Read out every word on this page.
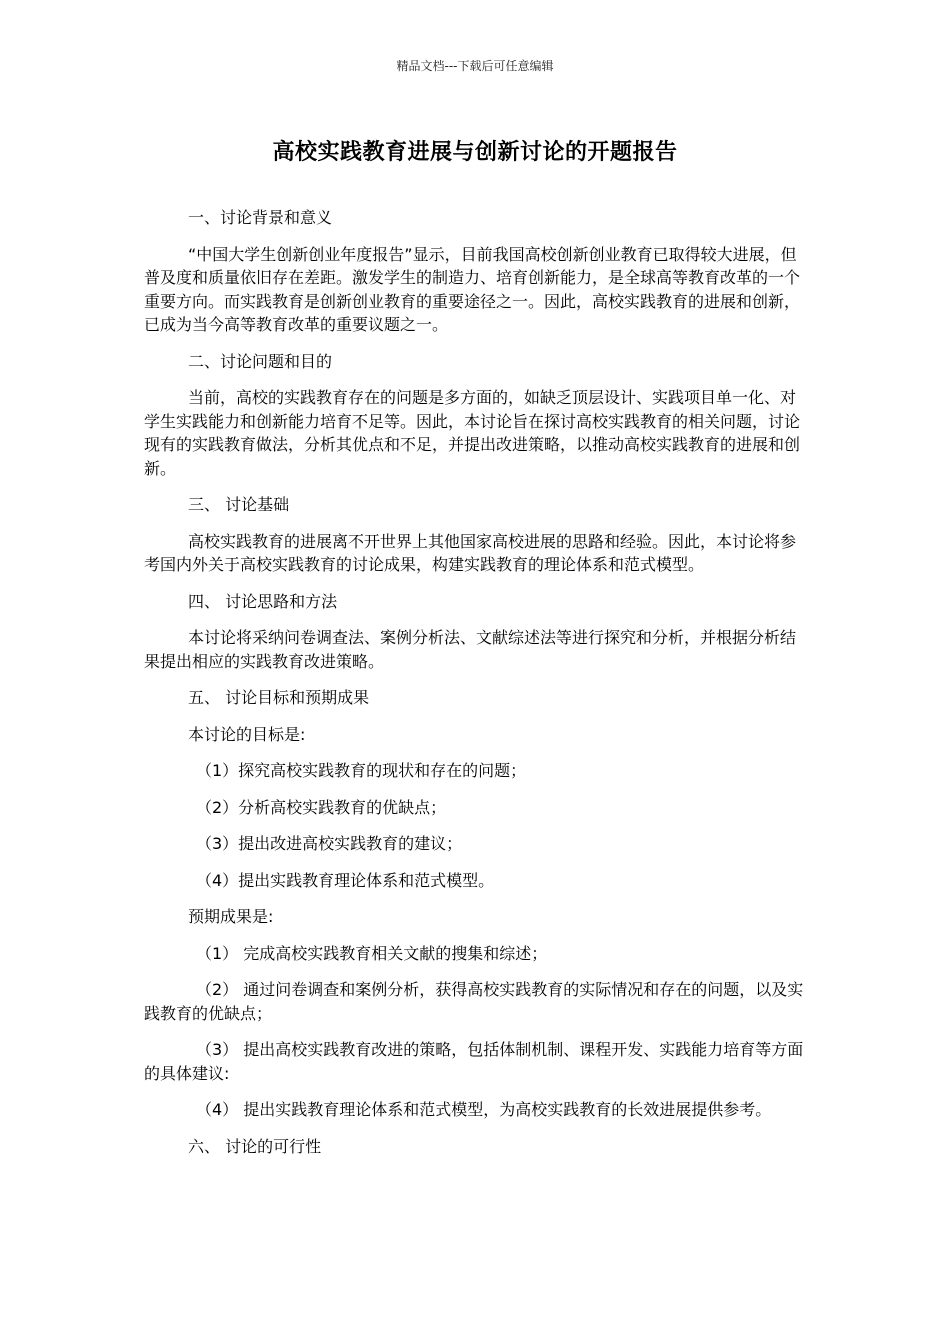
精品文档---下载后可任意编辑
高校实践教育进展与创新讨论的开题报告

一、讨论背景和意义

“中国大学生创新创业年度报告”显示，目前我国高校创新创业教育已取得较大进展，但普及度和质量依旧存在差距。激发学生的制造力、培育创新能力，是全球高等教育改革的一个重要方向。而实践教育是创新创业教育的重要途径之一。因此，高校实践教育的进展和创新，已成为当今高等教育改革的重要议题之一。

二、讨论问题和目的

当前，高校的实践教育存在的问题是多方面的，如缺乏顶层设计、实践项目单一化、对学生实践能力和创新能力培育不足等。因此，本讨论旨在探讨高校实践教育的相关问题，讨论现有的实践教育做法，分析其优点和不足，并提出改进策略，以推动高校实践教育的进展和创新。

三、 讨论基础

高校实践教育的进展离不开世界上其他国家高校进展的思路和经验。因此，本讨论将参考国内外关于高校实践教育的讨论成果，构建实践教育的理论体系和范式模型。

四、 讨论思路和方法

本讨论将采纳问卷调查法、案例分析法、文献综述法等进行探究和分析，并根据分析结果提出相应的实践教育改进策略。

五、 讨论目标和预期成果

本讨论的目标是:

（1）探究高校实践教育的现状和存在的问题；

（2）分析高校实践教育的优缺点；

（3）提出改进高校实践教育的建议；

（4）提出实践教育理论体系和范式模型。

预期成果是:

（1） 完成高校实践教育相关文献的搜集和综述；

（2） 通过问卷调查和案例分析，获得高校实践教育的实际情况和存在的问题，以及实践教育的优缺点；

（3） 提出高校实践教育改进的策略，包括体制机制、课程开发、实践能力培育等方面的具体建议:

（4） 提出实践教育理论体系和范式模型，为高校实践教育的长效进展提供参考。

六、 讨论的可行性
